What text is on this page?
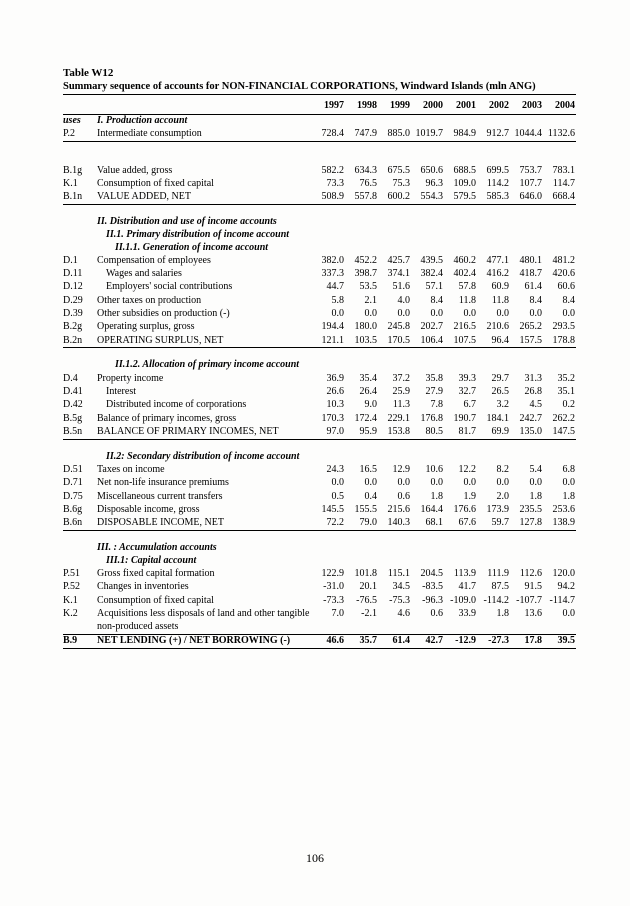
Table W12
Summary sequence of accounts for NON-FINANCIAL CORPORATIONS, Windward Islands (mln ANG)
		1997	1998	1999	2000	2001	2002	2003	2004
uses	I. Production account								
P.2	Intermediate consumption	728.4	747.9	885.0	1019.7	984.9	912.7	1044.4	1132.6

B.1g	Value added, gross	582.2	634.3	675.5	650.6	688.5	699.5	753.7	783.1
K.1	Consumption of fixed capital	73.3	76.5	75.3	96.3	109.0	114.2	107.7	114.7
B.1n	VALUE ADDED, NET	508.9	557.8	600.2	554.3	579.5	585.3	646.0	668.4

	II. Distribution and use of income accounts								
	II.1. Primary distribution of income account								
	II.1.1. Generation of income account								
D.1	Compensation of employees	382.0	452.2	425.7	439.5	460.2	477.1	480.1	481.2
D.11	Wages and salaries	337.3	398.7	374.1	382.4	402.4	416.2	418.7	420.6
D.12	Employers' social contributions	44.7	53.5	51.6	57.1	57.8	60.9	61.4	60.6
D.29	Other taxes on production	5.8	2.1	4.0	8.4	11.8	11.8	8.4	8.4
D.39	Other subsidies on production (-)	0.0	0.0	0.0	0.0	0.0	0.0	0.0	0.0
B.2g	Operating surplus, gross	194.4	180.0	245.8	202.7	216.5	210.6	265.2	293.5
B.2n	OPERATING SURPLUS, NET	121.1	103.5	170.5	106.4	107.5	96.4	157.5	178.8

	II.1.2. Allocation of primary income account								
D.4	Property income	36.9	35.4	37.2	35.8	39.3	29.7	31.3	35.2
D.41	Interest	26.6	26.4	25.9	27.9	32.7	26.5	26.8	35.1
D.42	Distributed income of corporations	10.3	9.0	11.3	7.8	6.7	3.2	4.5	0.2
B.5g	Balance of primary incomes, gross	170.3	172.4	229.1	176.8	190.7	184.1	242.7	262.2
B.5n	BALANCE OF PRIMARY INCOMES, NET	97.0	95.9	153.8	80.5	81.7	69.9	135.0	147.5

	II.2: Secondary distribution of income account								
D.51	Taxes on income	24.3	16.5	12.9	10.6	12.2	8.2	5.4	6.8
D.71	Net non-life insurance premiums	0.0	0.0	0.0	0.0	0.0	0.0	0.0	0.0
D.75	Miscellaneous current transfers	0.5	0.4	0.6	1.8	1.9	2.0	1.8	1.8
B.6g	Disposable income, gross	145.5	155.5	215.6	164.4	176.6	173.9	235.5	253.6
B.6n	DISPOSABLE INCOME, NET	72.2	79.0	140.3	68.1	67.6	59.7	127.8	138.9

	III. : Accumulation accounts								
	III.1: Capital account								
P.51	Gross fixed capital formation	122.9	101.8	115.1	204.5	113.9	111.9	112.6	120.0
P.52	Changes in inventories	-31.0	20.1	34.5	-83.5	41.7	87.5	91.5	94.2
K.1	Consumption of fixed capital	-73.3	-76.5	-75.3	-96.3	-109.0	-114.2	-107.7	-114.7
K.2	Acquisitions less disposals of land and other tangible non-produced assets	7.0	-2.1	4.6	0.6	33.9	1.8	13.6	0.0
B.9	NET LENDING (+) / NET BORROWING (-)	46.6	35.7	61.4	42.7	-12.9	-27.3	17.8	39.5
106
